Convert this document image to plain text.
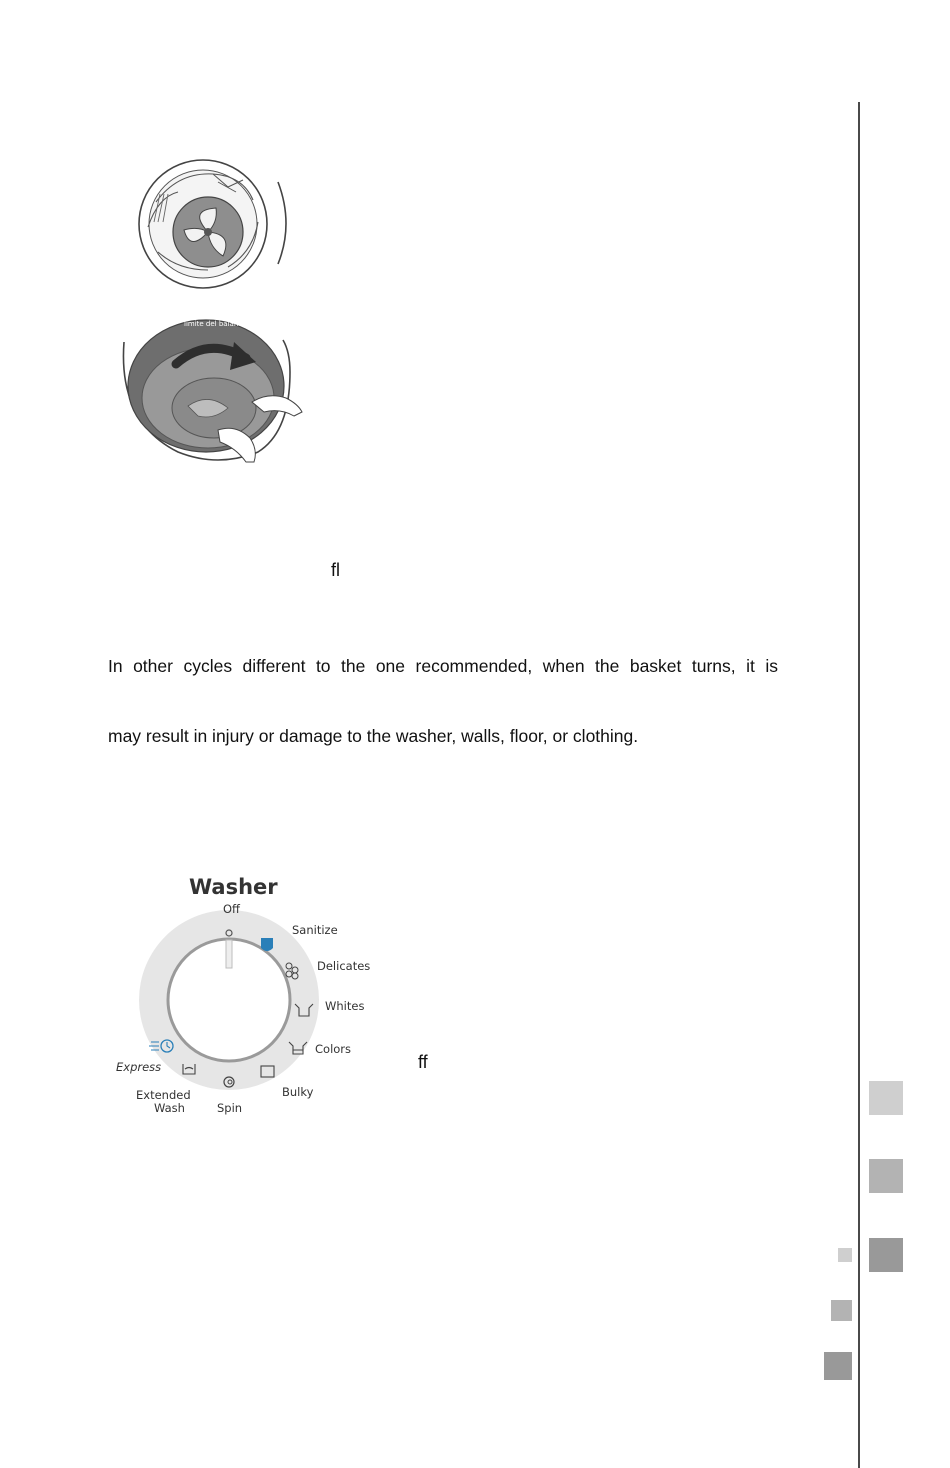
limite del balance
fl
In other cycles different to the one recommended, when the basket turns, it is
may result in injury or damage to the washer, walls, floor, or clothing.
Washer
Off
Sanitize
Delicates
Whites
Colors
Bulky
Spin
Extended
Wash
Express	ff
